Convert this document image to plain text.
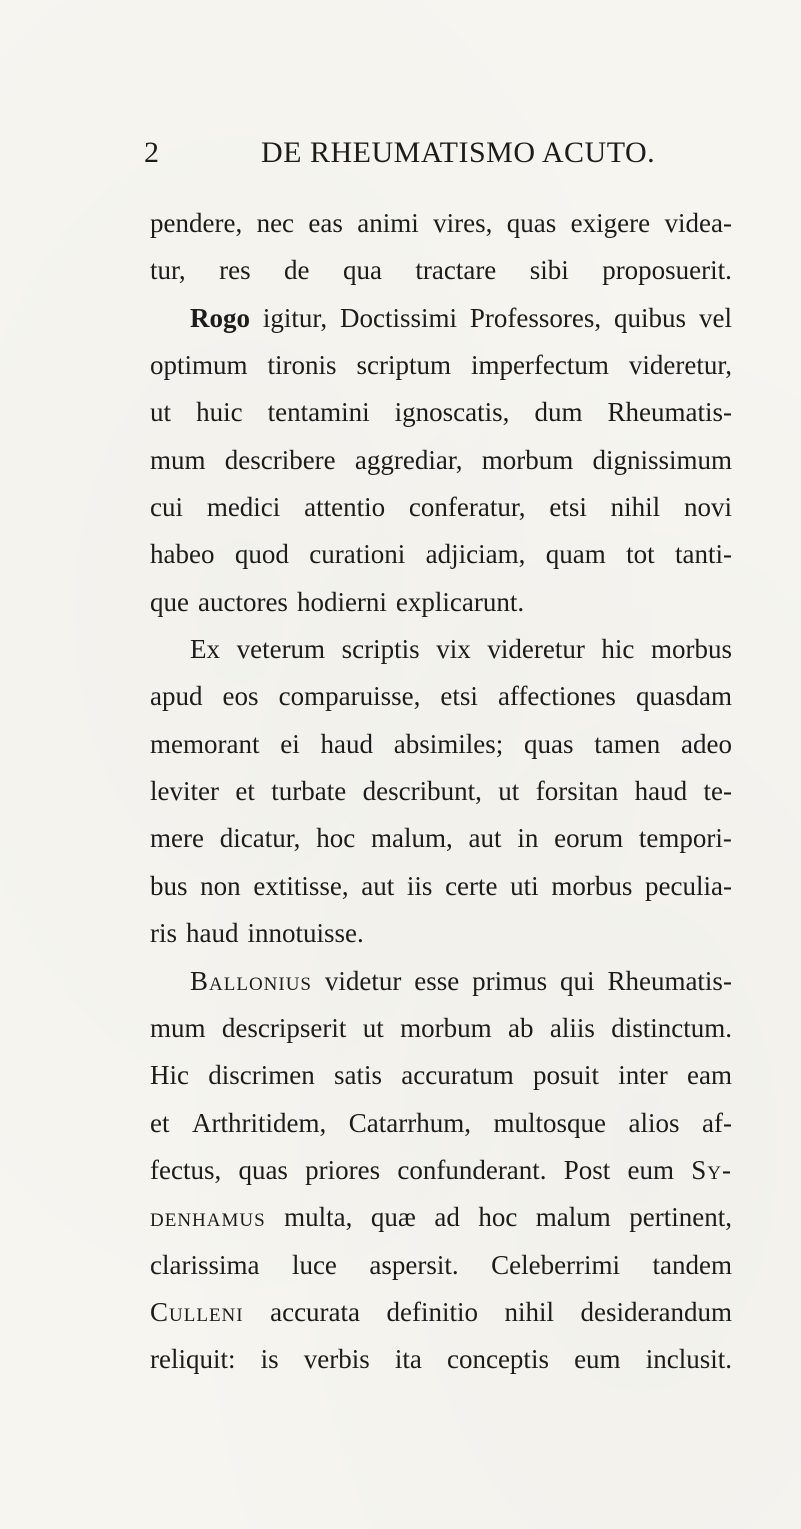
2	DE RHEUMATISMO ACUTO.
pendere, nec eas animi vires, quas exigere videa-
tur, res de qua tractare sibi proposuerit.
Rogo igitur, Doctissimi Professores, quibus vel
optimum tironis scriptum imperfectum videretur,
ut huic tentamini ignoscatis, dum Rheumatis-
mum describere aggrediar, morbum dignissimum
cui medici attentio conferatur, etsi nihil novi
habeo quod curationi adjiciam, quam tot tanti-
que auctores hodierni explicarunt.
Ex veterum scriptis vix videretur hic morbus
apud eos comparuisse, etsi affectiones quasdam
memorant ei haud absimiles; quas tamen adeo
leviter et turbate describunt, ut forsitan haud te-
mere dicatur, hoc malum, aut in eorum tempori-
bus non extitisse, aut iis certe uti morbus peculia-
ris haud innotuisse.
Ballonius videtur esse primus qui Rheumatis-
mum descripserit ut morbum ab aliis distinctum.
Hic discrimen satis accuratum posuit inter eam
et Arthritidem, Catarrhum, multosque alios af-
fectus, quas priores confunderant. Post eum Sy-
denhamus multa, quæ ad hoc malum pertinent,
clarissima luce aspersit. Celeberrimi tandem
Culleni accurata definitio nihil desiderandum
reliquit: is verbis ita conceptis eum inclusit.
